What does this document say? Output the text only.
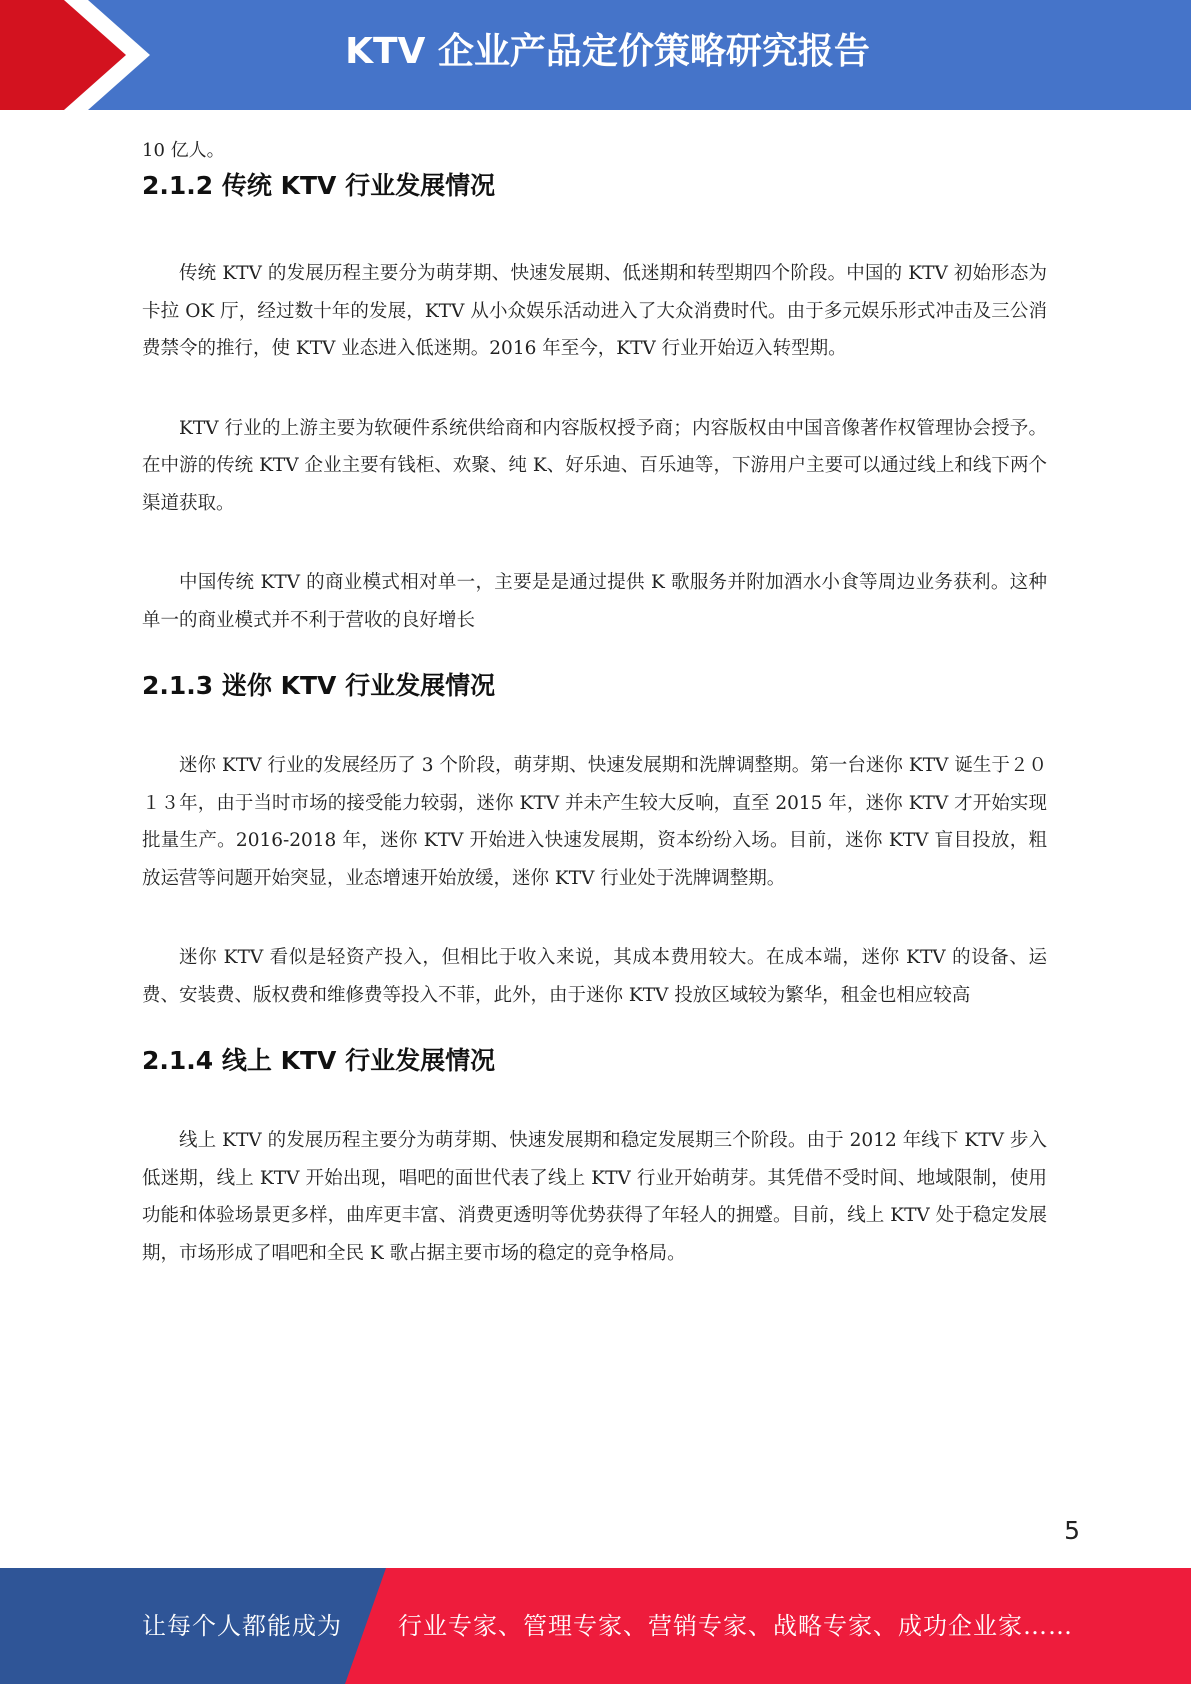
KTV 企业产品定价策略研究报告

10 亿人。

2.1.2 传统 KTV 行业发展情况

传统 KTV 的发展历程主要分为萌芽期、快速发展期、低迷期和转型期四个阶段。中国的 KTV 初始形态为卡拉 OK 厅，经过数十年的发展，KTV 从小众娱乐活动进入了大众消费时代。由于多元娱乐形式冲击及三公消费禁令的推行，使 KTV 业态进入低迷期。2016 年至今，KTV 行业开始迈入转型期。

KTV 行业的上游主要为软硬件系统供给商和内容版权授予商；内容版权由中国音像著作权管理协会授予。在中游的传统 KTV 企业主要有钱柜、欢聚、纯 K、好乐迪、百乐迪等，下游用户主要可以通过线上和线下两个渠道获取。

中国传统 KTV 的商业模式相对单一，主要是是通过提供 K 歌服务并附加酒水小食等周边业务获利。这种单一的商业模式并不利于营收的良好增长

2.1.3 迷你 KTV 行业发展情况

迷你 KTV 行业的发展经历了 3 个阶段，萌芽期、快速发展期和洗牌调整期。第一台迷你 KTV 诞生于２０１３年，由于当时市场的接受能力较弱，迷你 KTV 并未产生较大反响，直至 2015 年，迷你 KTV 才开始实现批量生产。2016-2018 年，迷你 KTV 开始进入快速发展期，资本纷纷入场。目前，迷你 KTV 盲目投放，粗放运营等问题开始突显，业态增速开始放缓，迷你 KTV 行业处于洗牌调整期。

迷你 KTV 看似是轻资产投入，但相比于收入来说，其成本费用较大。在成本端，迷你 KTV 的设备、运费、安装费、版权费和维修费等投入不菲，此外，由于迷你 KTV 投放区域较为繁华，租金也相应较高

2.1.4 线上 KTV 行业发展情况

线上 KTV 的发展历程主要分为萌芽期、快速发展期和稳定发展期三个阶段。由于 2012 年线下 KTV 步入低迷期，线上 KTV 开始出现，唱吧的面世代表了线上 KTV 行业开始萌芽。其凭借不受时间、地域限制，使用功能和体验场景更多样，曲库更丰富、消费更透明等优势获得了年轻人的拥蹙。目前，线上 KTV 处于稳定发展期，市场形成了唱吧和全民 K 歌占据主要市场的稳定的竞争格局。

5
让每个人都能成为 行业专家、管理专家、营销专家、战略专家、成功企业家……
